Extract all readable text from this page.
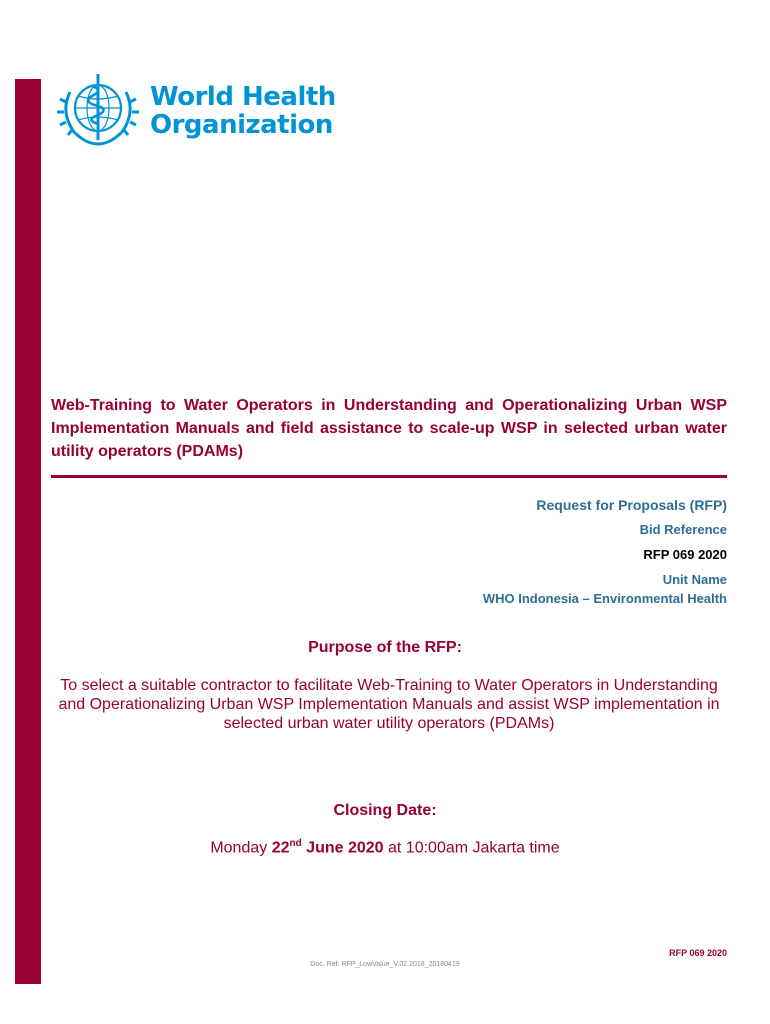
World Health
Organization
Web-Training to Water Operators in Understanding and Operationalizing Urban WSP Implementation Manuals and field assistance to scale-up WSP in selected urban water utility operators (PDAMs)
Request for Proposals (RFP)
Bid Reference
RFP 069 2020
Unit Name
WHO Indonesia – Environmental Health
Purpose of the RFP:
To select a suitable contractor to facilitate Web-Training to Water Operators in Understanding and Operationalizing Urban WSP Implementation Manuals and assist WSP implementation in selected urban water utility operators (PDAMs)
Closing Date:
Monday 22nd June 2020 at 10:00am Jakarta time
RFP 069 2020
Doc. Ref: RFP_LowValue_V.02.2018_20180419
